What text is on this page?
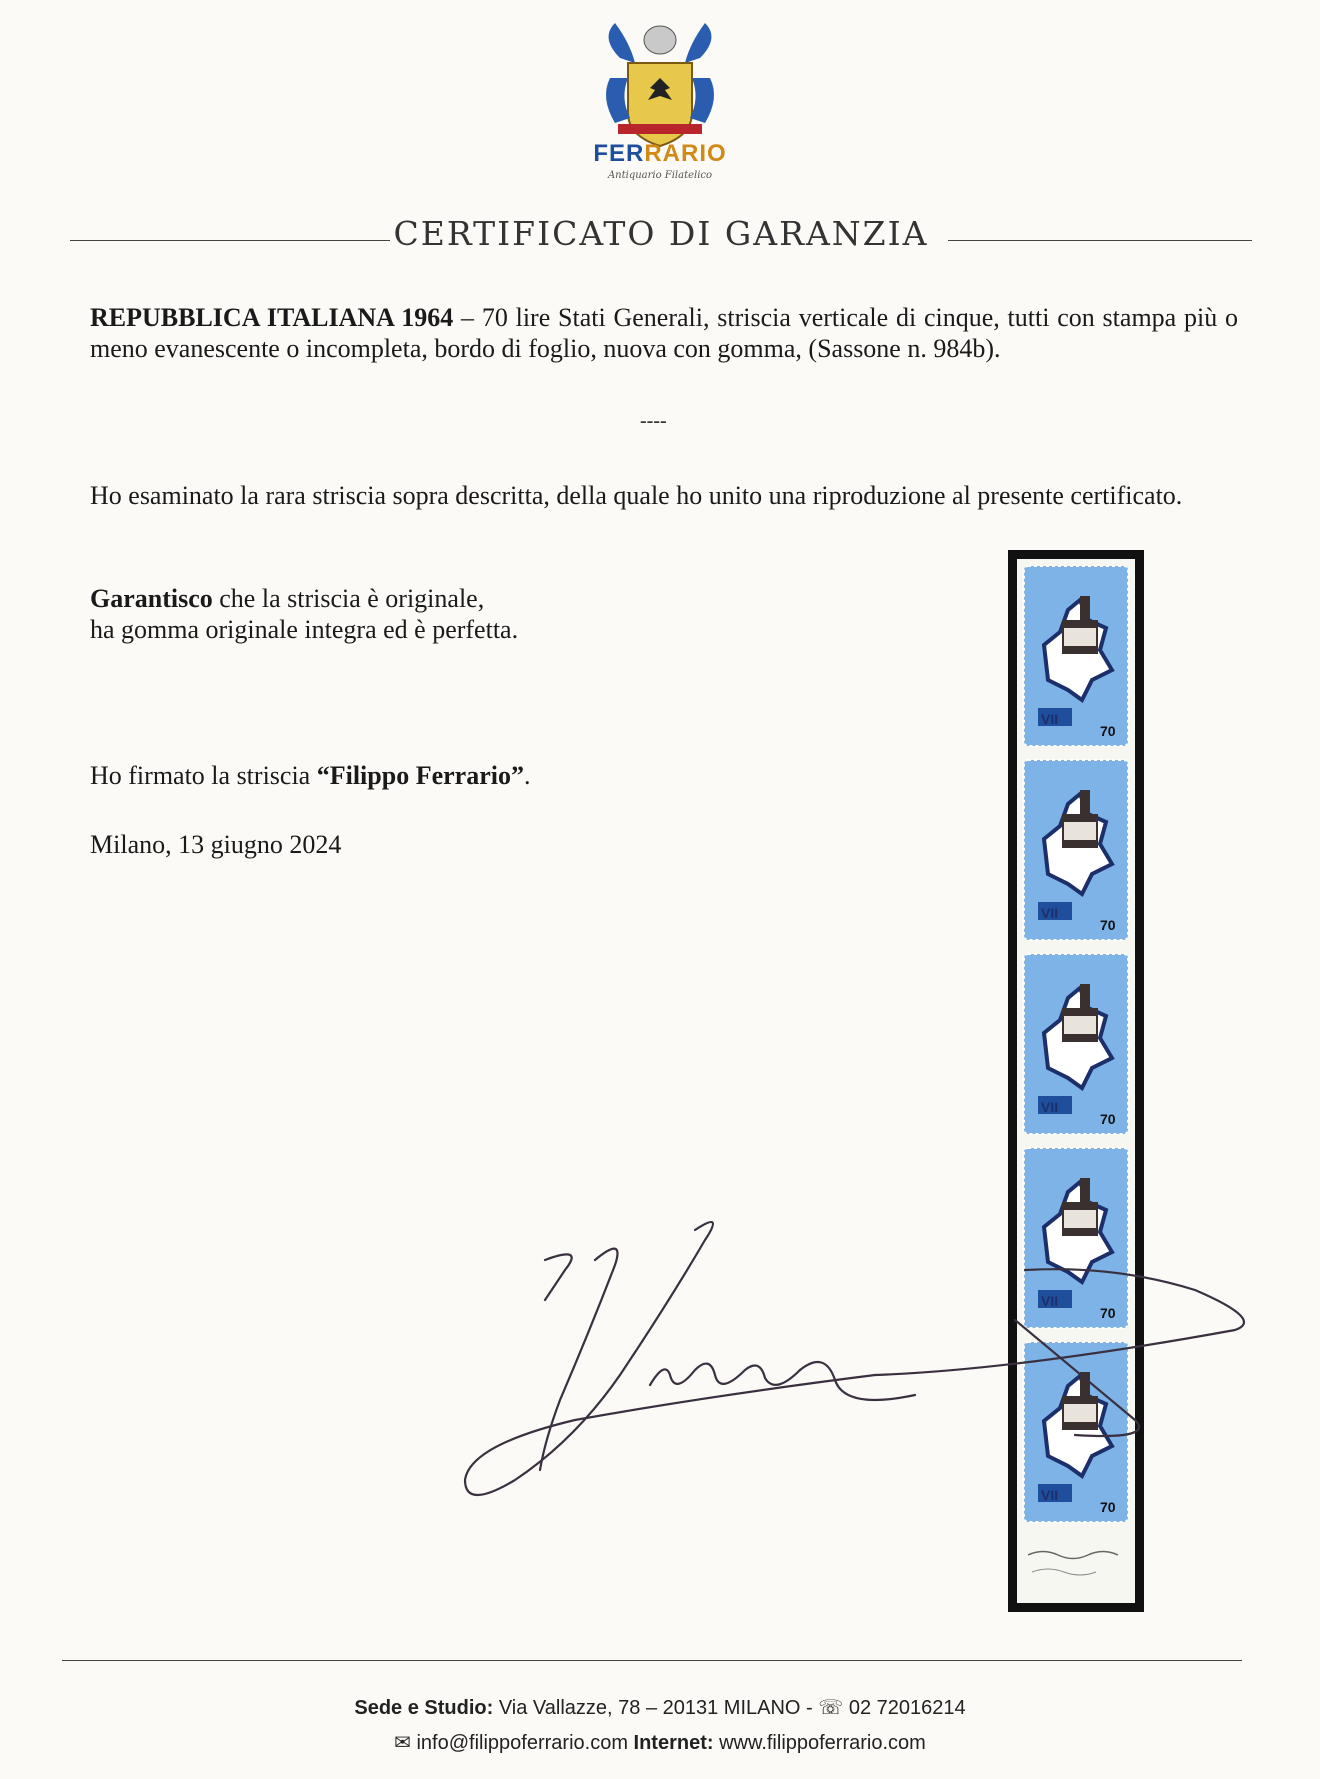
FERRARIO
Antiquario Filatelico
CERTIFICATO DI GARANZIA
REPUBBLICA ITALIANA 1964 – 70 lire Stati Generali, striscia verticale di cinque, tutti con stampa più o meno evanescente o incompleta, bordo di foglio, nuova con gomma, (Sassone n. 984b).
----
Ho esaminato la rara striscia sopra descritta, della quale ho unito una riproduzione al presente certificato.
Garantisco che la striscia è originale,
ha gomma originale integra ed è perfetta.
Ho firmato la striscia “Filippo Ferrario”.
Milano, 13 giugno 2024
VII
70
Sede e Studio: Via Vallazze, 78 – 20131 MILANO - ☏ 02 72016214
✉ info@filippoferrario.com Internet: www.filippoferrario.com
